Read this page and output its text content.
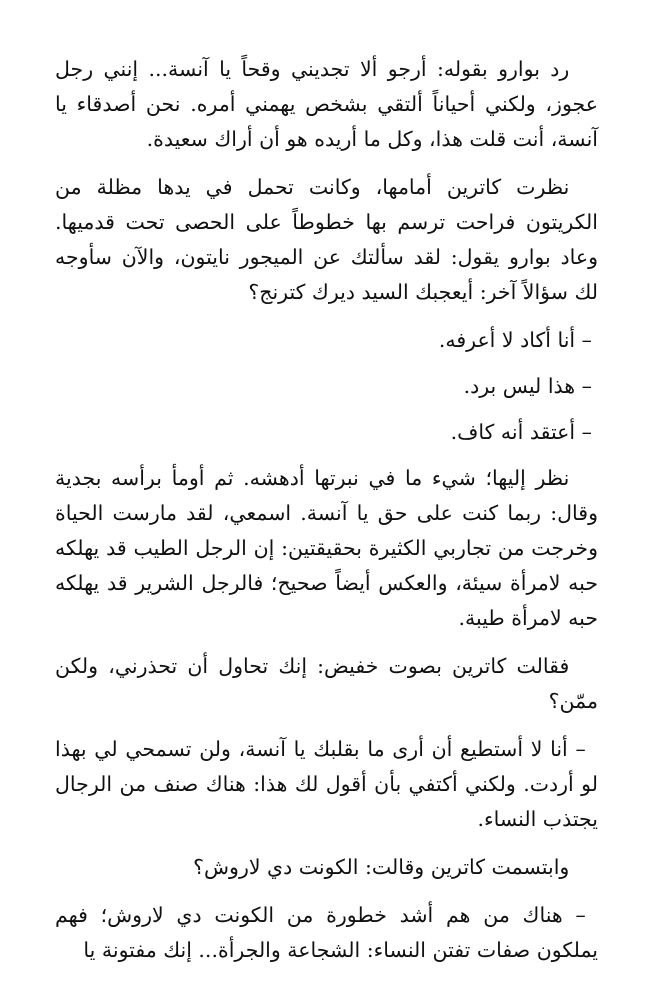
رد بوارو بقوله: أرجو ألا تجديني وقحاً يا آنسة... إنني رجل عجوز، ولكني أحياناً ألتقي بشخص يهمني أمره. نحن أصدقاء يا آنسة، أنت قلت هذا، وكل ما أريده هو أن أراك سعيدة.

نظرت كاترين أمامها، وكانت تحمل في يدها مظلة من الكريتون فراحت ترسم بها خطوطاً على الحصى تحت قدميها. وعاد بوارو يقول: لقد سألتك عن الميجور نايتون، والآن سأوجه لك سؤالاً آخر: أيعجبك السيد ديرك كترنج؟

– أنا أكاد لا أعرفه.

– هذا ليس برد.

– أعتقد أنه كاف.

نظر إليها؛ شيء ما في نبرتها أدهشه. ثم أومأ برأسه بجدية وقال: ربما كنت على حق يا آنسة. اسمعي، لقد مارست الحياة وخرجت من تجاربي الكثيرة بحقيقتين: إن الرجل الطيب قد يهلكه حبه لامرأة سيئة، والعكس أيضاً صحيح؛ فالرجل الشرير قد يهلكه حبه لامرأة طيبة.

فقالت كاترين بصوت خفيض: إنك تحاول أن تحذرني، ولكن ممّن؟

– أنا لا أستطيع أن أرى ما بقلبك يا آنسة، ولن تسمحي لي بهذا لو أردت. ولكني أكتفي بأن أقول لك هذا: هناك صنف من الرجال يجتذب النساء.

وابتسمت كاترين وقالت: الكونت دي لاروش؟

– هناك من هم أشد خطورة من الكونت دي لاروش؛ فهم يملكون صفات تفتن النساء: الشجاعة والجرأة... إنك مفتونة يا
